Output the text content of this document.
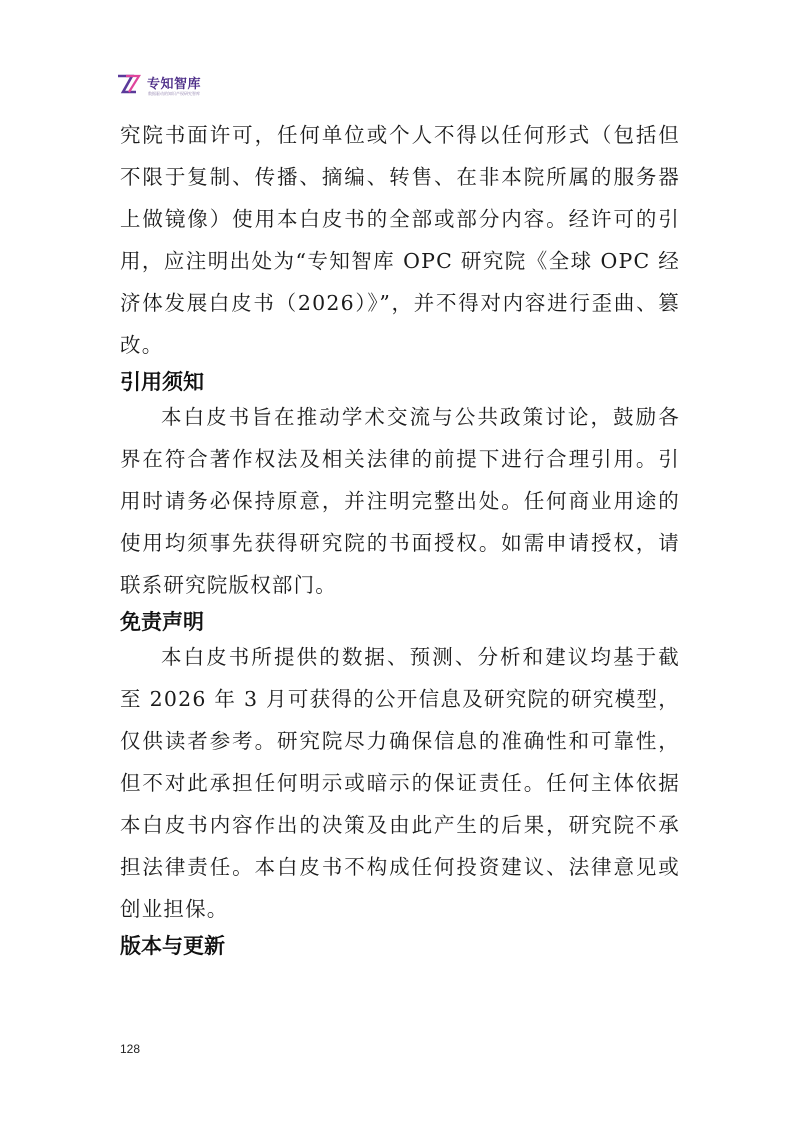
专知智库

数据驱动的知识产权研究智库

究院书面许可，任何单位或个人不得以任何形式（包括但不限于复制、传播、摘编、转售、在非本院所属的服务器上做镜像）使用本白皮书的全部或部分内容。经许可的引用，应注明出处为“专知智库 OPC 研究院《全球 OPC 经济体发展白皮书（2026）》”，并不得对内容进行歪曲、篡改。

引用须知

本白皮书旨在推动学术交流与公共政策讨论，鼓励各界在符合著作权法及相关法律的前提下进行合理引用。引用时请务必保持原意，并注明完整出处。任何商业用途的使用均须事先获得研究院的书面授权。如需申请授权，请联系研究院版权部门。

免责声明

本白皮书所提供的数据、预测、分析和建议均基于截至 2026 年 3 月可获得的公开信息及研究院的研究模型，仅供读者参考。研究院尽力确保信息的准确性和可靠性，但不对此承担任何明示或暗示的保证责任。任何主体依据本白皮书内容作出的决策及由此产生的后果，研究院不承担法律责任。本白皮书不构成任何投资建议、法律意见或创业担保。

版本与更新

128
